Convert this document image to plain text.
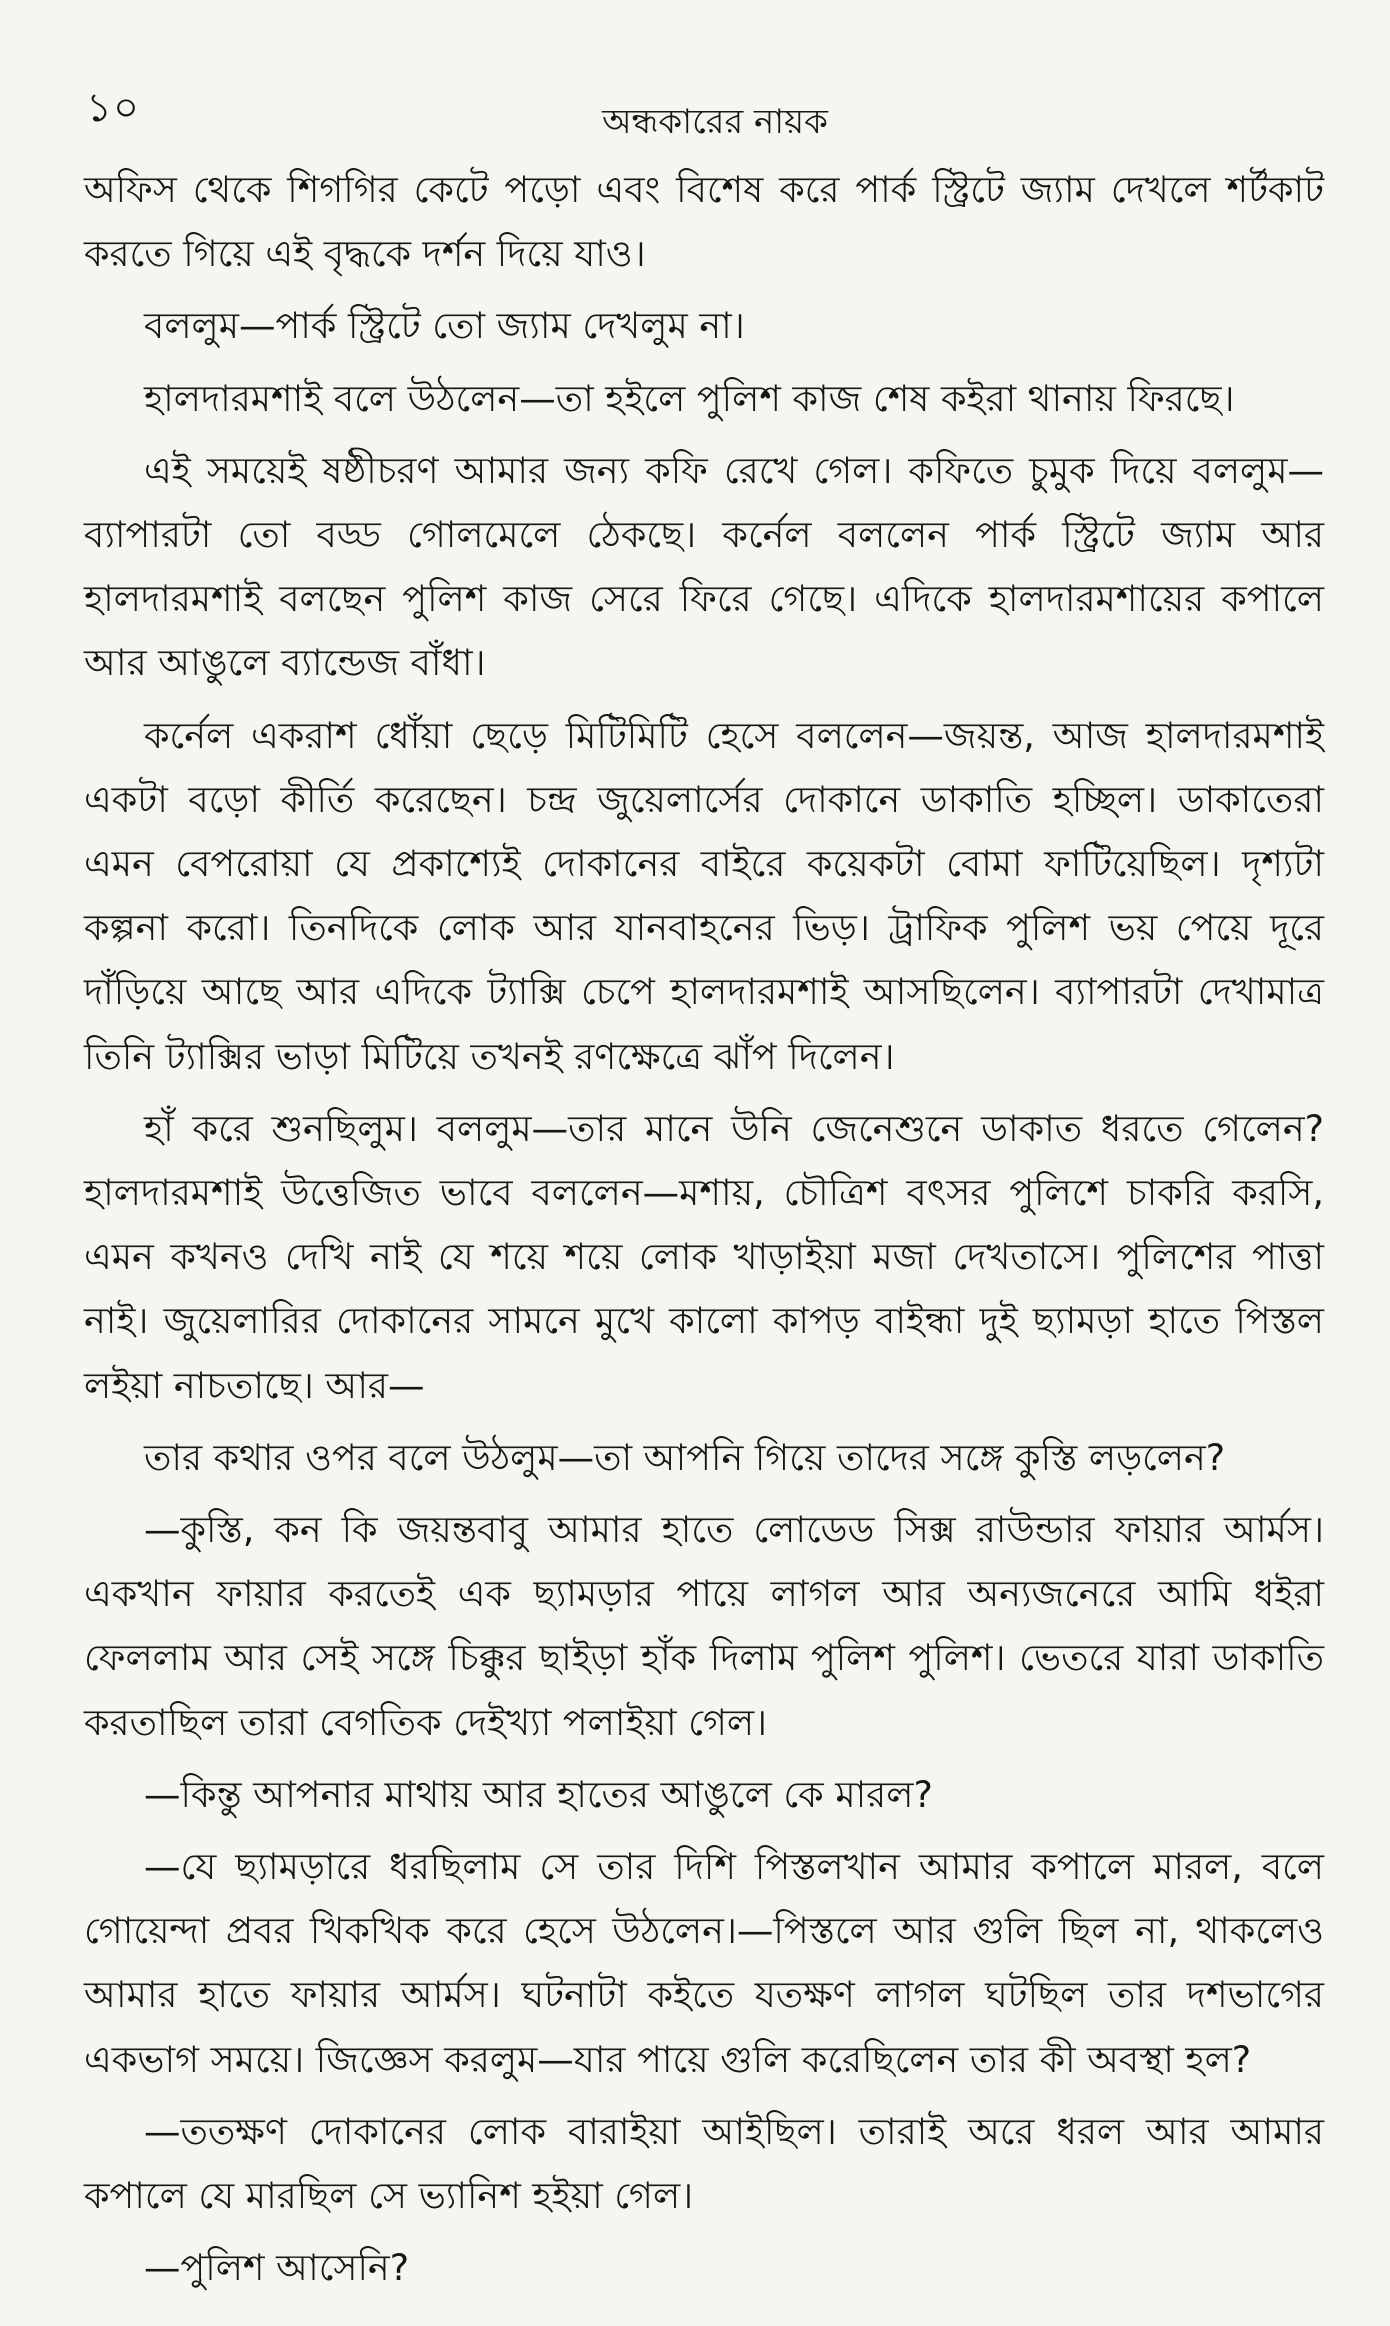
১০	অন্ধকারের নায়ক

অফিস থেকে শিগগির কেটে পড়ো এবং বিশেষ করে পার্ক স্ট্রিটে জ্যাম দেখলে শর্টকাট করতে গিয়ে এই বৃদ্ধকে দর্শন দিয়ে যাও।

বললুম—পার্ক স্ট্রিটে তো জ্যাম দেখলুম না।

হালদারমশাই বলে উঠলেন—তা হইলে পুলিশ কাজ শেষ কইরা থানায় ফিরছে।

এই সময়েই ষষ্ঠীচরণ আমার জন্য কফি রেখে গেল। কফিতে চুমুক দিয়ে বললুম—ব্যাপারটা তো বড্ড গোলমেলে ঠেকছে। কর্নেল বললেন পার্ক স্ট্রিটে জ্যাম আর হালদারমশাই বলছেন পুলিশ কাজ সেরে ফিরে গেছে। এদিকে হালদারমশায়ের কপালে আর আঙুলে ব্যান্ডেজ বাঁধা।

কর্নেল একরাশ ধোঁয়া ছেড়ে মিটিমিটি হেসে বললেন—জয়ন্ত, আজ হালদারমশাই একটা বড়ো কীর্তি করেছেন। চন্দ্র জুয়েলার্সের দোকানে ডাকাতি হচ্ছিল। ডাকাতেরা এমন বেপরোয়া যে প্রকাশ্যেই দোকানের বাইরে কয়েকটা বোমা ফাটিয়েছিল। দৃশ্যটা কল্পনা করো। তিনদিকে লোক আর যানবাহনের ভিড়। ট্রাফিক পুলিশ ভয় পেয়ে দূরে দাঁড়িয়ে আছে আর এদিকে ট্যাক্সি চেপে হালদারমশাই আসছিলেন। ব্যাপারটা দেখামাত্র তিনি ট্যাক্সির ভাড়া মিটিয়ে তখনই রণক্ষেত্রে ঝাঁপ দিলেন।

হাঁ করে শুনছিলুম। বললুম—তার মানে উনি জেনেশুনে ডাকাত ধরতে গেলেন? হালদারমশাই উত্তেজিত ভাবে বললেন—মশায়, চৌত্রিশ বৎসর পুলিশে চাকরি করসি, এমন কখনও দেখি নাই যে শয়ে শয়ে লোক খাড়াইয়া মজা দেখতাসে। পুলিশের পাত্তা নাই। জুয়েলারির দোকানের সামনে মুখে কালো কাপড় বাইন্ধা দুই ছ্যামড়া হাতে পিস্তল লইয়া নাচতাছে। আর—

তার কথার ওপর বলে উঠলুম—তা আপনি গিয়ে তাদের সঙ্গে কুস্তি লড়লেন?

—কুস্তি, কন কি জয়ন্তবাবু আমার হাতে লোডেড সিক্স রাউন্ডার ফায়ার আর্মস। একখান ফায়ার করতেই এক ছ্যামড়ার পায়ে লাগল আর অন্যজনেরে আমি ধইরা ফেললাম আর সেই সঙ্গে চিক্কুর ছাইড়া হাঁক দিলাম পুলিশ পুলিশ। ভেতরে যারা ডাকাতি করতাছিল তারা বেগতিক দেইখ্যা পলাইয়া গেল।

—কিন্তু আপনার মাথায় আর হাতের আঙুলে কে মারল?

—যে ছ্যামড়ারে ধরছিলাম সে তার দিশি পিস্তলখান আমার কপালে মারল, বলে গোয়েন্দা প্রবর খিকখিক করে হেসে উঠলেন।—পিস্তলে আর গুলি ছিল না, থাকলেও আমার হাতে ফায়ার আর্মস। ঘটনাটা কইতে যতক্ষণ লাগল ঘটছিল তার দশভাগের একভাগ সময়ে। জিজ্ঞেস করলুম—যার পায়ে গুলি করেছিলেন তার কী অবস্থা হল?

—ততক্ষণ দোকানের লোক বারাইয়া আইছিল। তারাই অরে ধরল আর আমার কপালে যে মারছিল সে ভ্যানিশ হইয়া গেল।

—পুলিশ আসেনি?
